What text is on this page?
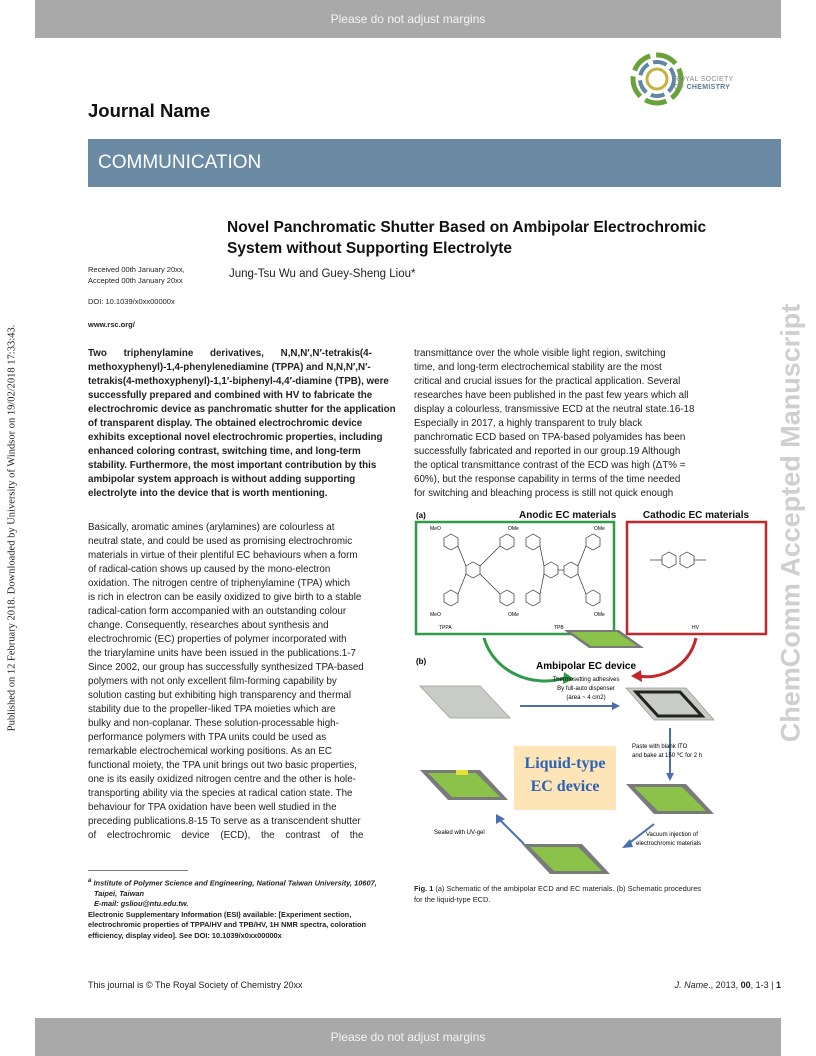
Please do not adjust margins
Please do not adjust margins
Published on 12 February 2018. Downloaded by University of Windsor on 19/02/2018 17:33:43.	ChemComm Accepted Manuscript
ROYAL SOCIETY
OF CHEMISTRY
Journal Name
COMMUNICATION
Novel Panchromatic Shutter Based on Ambipolar Electrochromic
System without Supporting Electrolyte
Jung-Tsu Wu and Guey-Sheng Liou*
Received 00th January 20xx,
Accepted 00th January 20xx
DOI: 10.1039/x0xx00000x
www.rsc.org/
Two triphenylamine derivatives, N,N,N′,N′-tetrakis(4-
methoxyphenyl)-1,4-phenylenediamine (TPPA) and N,N,N′,N′-
tetrakis(4-methoxyphenyl)-1,1′-biphenyl-4,4′-diamine (TPB), were
successfully prepared and combined with HV to fabricate the
electrochromic device as panchromatic shutter for the application
of transparent display. The obtained electrochromic device
exhibits exceptional novel electrochromic properties, including
enhanced coloring contrast, switching time, and long-term
stability. Furthermore, the most important contribution by this
ambipolar system approach is without adding supporting
electrolyte into the device that is worth mentioning.
Basically, aromatic amines (arylamines) are colourless at
neutral state, and could be used as promising electrochromic
materials in virtue of their plentiful EC behaviours when a form
of radical-cation shows up caused by the mono-electron
oxidation. The nitrogen centre of triphenylamine (TPA) which
is rich in electron can be easily oxidized to give birth to a stable
radical-cation form accompanied with an outstanding colour
change. Consequently, researches about synthesis and
electrochromic (EC) properties of polymer incorporated with
the triarylamine units have been issued in the publications.1-7
Since 2002, our group has successfully synthesized TPA-based
polymers with not only excellent film-forming capability by
solution casting but exhibiting high transparency and thermal
stability due to the propeller-liked TPA moieties which are
bulky and non-coplanar. These solution-processable high-
performance polymers with TPA units could be used as
remarkable electrochemical working positions. As an EC
functional moiety, the TPA unit brings out two basic properties,
one is its easily oxidized nitrogen centre and the other is hole-
transporting ability via the species at radical cation state. The
behaviour for TPA oxidation have been well studied in the
preceding publications.8-15 To serve as a transcendent shutter
of electrochromic device (ECD), the contrast of the
transmittance over the whole visible light region, switching
time, and long-term electrochemical stability are the most
critical and crucial issues for the practical application. Several
researches have been published in the past few years which all
display a colourless, transmissive ECD at the neutral state.16-18
Especially in 2017, a highly transparent to truly black
panchromatic ECD based on TPA-based polyamides has been
successfully fabricated and reported in our group.19 Although
the optical transmittance contrast of the ECD was high (ΔT% =
60%), but the response capability in terms of the time needed
for switching and bleaching process is still not quick enough
(a)	Anodic EC materials	Cathodic EC materials
MeO	OMe
MeO	OMe
TPPA
OMe
OMe
TPB	HV
(b)	Ambipolar EC device
Thermosetting adhesives
By full-auto dispenser
(area ~ 4 cm2)
Paste with blank ITO
and bake at 150 ℃ for 2 h
Liquid-type
EC device
Vacuum injection of
electrochromic materials
Sealed with UV-gel
Fig. 1 (a) Schematic of the ambipolar ECD and EC materials. (b) Schematic procedures
for the liquid-type ECD.
$^a$ Institute of Polymer Science and Engineering, National Taiwan University, 10607,
Taipei, Taiwan
E-mail: gsliou@ntu.edu.tw.
Electronic Supplementary Information (ESI) available: [Experiment section,
electrochromic properties of TPPA/HV and TPB/HV, 1H NMR spectra, coloration
efficiency, display video]. See DOI: 10.1039/x0xx00000x
This journal is © The Royal Society of Chemistry 20xx	J. Name., 2013, 00, 1-3 | 1
